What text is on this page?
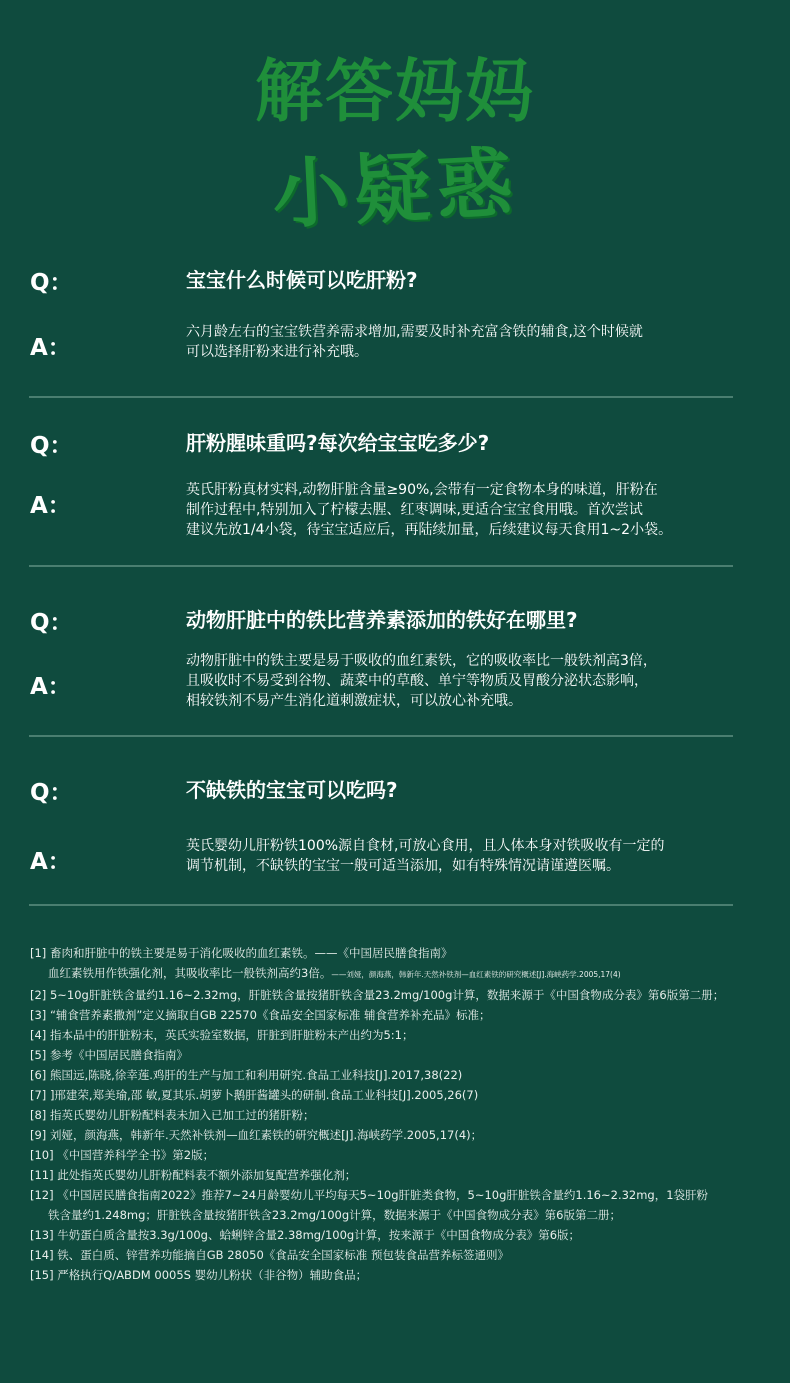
解答妈妈
小疑惑
Q：	宝宝什么时候可以吃肝粉?
A：
六月龄左右的宝宝铁营养需求增加,需要及时补充富含铁的辅食,这个时候就
可以选择肝粉来进行补充哦。
Q：	肝粉腥味重吗?每次给宝宝吃多少?
A：
英氏肝粉真材实料,动物肝脏含量≥90%,会带有一定食物本身的味道，肝粉在
制作过程中,特别加入了柠檬去腥、红枣调味,更适合宝宝食用哦。首次尝试
建议先放1/4小袋，待宝宝适应后，再陆续加量，后续建议每天食用1~2小袋。
Q：	动物肝脏中的铁比营养素添加的铁好在哪里?
A：
动物肝脏中的铁主要是易于吸收的血红素铁，它的吸收率比一般铁剂高3倍，
且吸收时不易受到谷物、蔬菜中的草酸、单宁等物质及胃酸分泌状态影响，
相较铁剂不易产生消化道刺激症状，可以放心补充哦。
Q：	不缺铁的宝宝可以吃吗?
A：
英氏婴幼儿肝粉铁100%源自食材,可放心食用，且人体本身对铁吸收有一定的
调节机制，不缺铁的宝宝一般可适当添加，如有特殊情况请谨遵医嘱。
[1] 畜肉和肝脏中的铁主要是易于消化吸收的血红素铁。——《中国居民膳食指南》
血红素铁用作铁强化剂，其吸收率比一般铁剂高约3倍。——刘娅，颜海燕，韩新年.天然补铁剂—血红素铁的研究概述[J].海峡药学.2005,17(4)
[2] 5~10g肝脏铁含量约1.16~2.32mg，肝脏铁含量按猪肝铁含量23.2mg/100g计算，数据来源于《中国食物成分表》第6版第二册；
[3] “辅食营养素撒剂”定义摘取自GB 22570《食品安全国家标准 辅食营养补充品》标准；
[4] 指本品中的肝脏粉末，英氏实验室数据，肝脏到肝脏粉末产出约为5:1；
[5] 参考《中国居民膳食指南》
[6] 熊国远,陈晓,徐幸莲.鸡肝的生产与加工和利用研究.食品工业科技[J].2017,38(22)
[7] ]邢建荣,郑美瑜,邵 敏,夏其乐.胡萝卜鹅肝酱罐头的研制.食品工业科技[J].2005,26(7)
[8] 指英氏婴幼儿肝粉配料表未加入已加工过的猪肝粉；
[9] 刘娅，颜海燕，韩新年.天然补铁剂—血红素铁的研究概述[J].海峡药学.2005,17(4)；
[10] 《中国营养科学全书》第2版；
[11] 此处指英氏婴幼儿肝粉配料表不额外添加复配营养强化剂；
[12] 《中国居民膳食指南2022》推荐7~24月龄婴幼儿平均每天5~10g肝脏类食物，5~10g肝脏铁含量约1.16~2.32mg，1袋肝粉
铁含量约1.248mg；肝脏铁含量按猪肝铁含23.2mg/100g计算，数据来源于《中国食物成分表》第6版第二册；
[13] 牛奶蛋白质含量按3.3g/100g、蛤蜊锌含量2.38mg/100g计算，按来源于《中国食物成分表》第6版；
[14] 铁、蛋白质、锌营养功能摘自GB 28050《食品安全国家标准 预包装食品营养标签通则》
[15] 严格执行Q/ABDM 0005S 婴幼儿粉状（非谷物）辅助食品；
